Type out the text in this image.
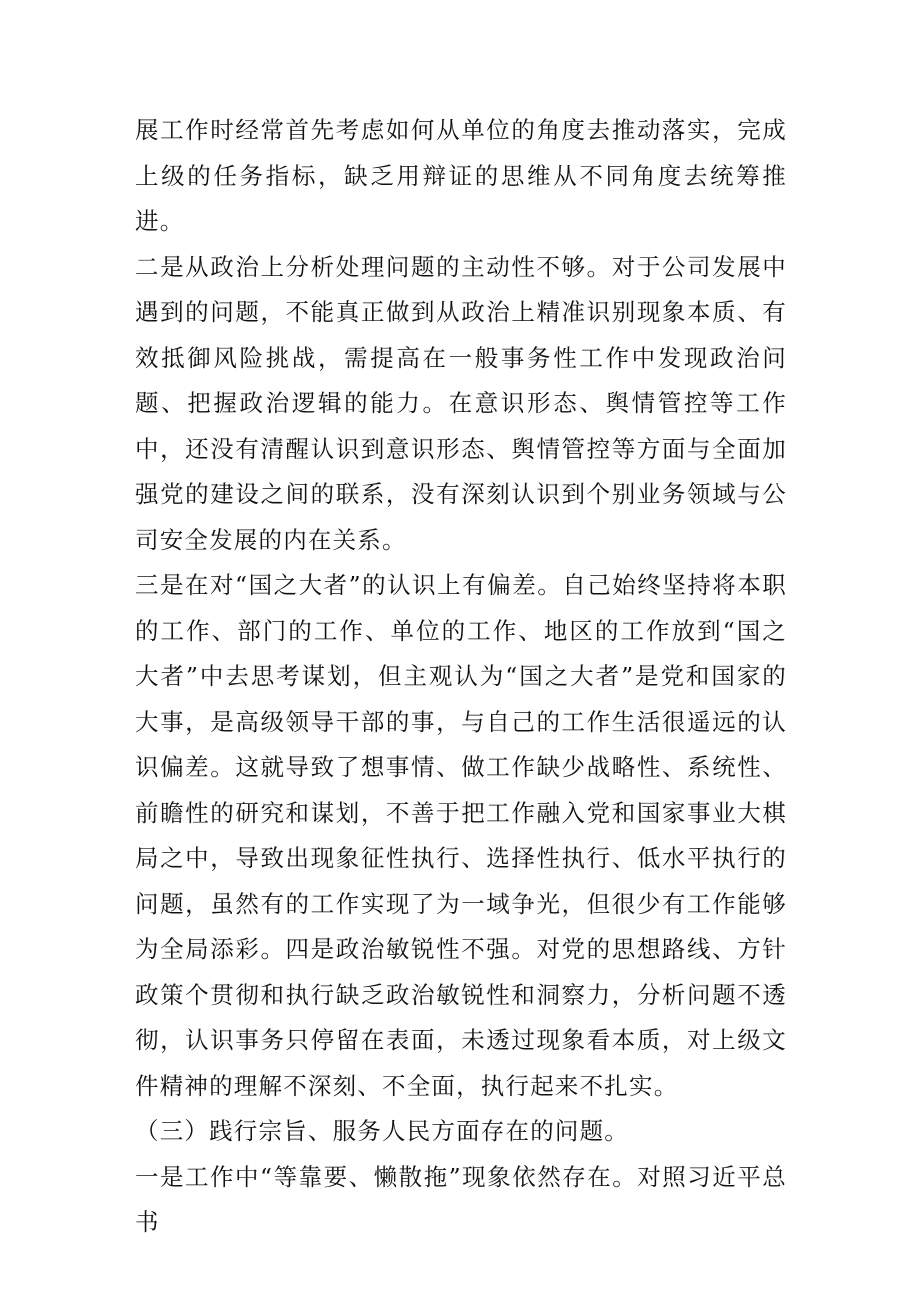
展工作时经常首先考虑如何从单位的角度去推动落实，完成上级的任务指标，缺乏用辩证的思维从不同角度去统筹推进。

二是从政治上分析处理问题的主动性不够。对于公司发展中遇到的问题，不能真正做到从政治上精准识别现象本质、有效抵御风险挑战，需提高在一般事务性工作中发现政治问题、把握政治逻辑的能力。在意识形态、舆情管控等工作中，还没有清醒认识到意识形态、舆情管控等方面与全面加强党的建设之间的联系，没有深刻认识到个别业务领域与公司安全发展的内在关系。

三是在对“国之大者”的认识上有偏差。自己始终坚持将本职的工作、部门的工作、单位的工作、地区的工作放到“国之大者”中去思考谋划，但主观认为“国之大者”是党和国家的大事，是高级领导干部的事，与自己的工作生活很遥远的认识偏差。这就导致了想事情、做工作缺少战略性、系统性、前瞻性的研究和谋划，不善于把工作融入党和国家事业大棋局之中，导致出现象征性执行、选择性执行、低水平执行的问题，虽然有的工作实现了为一域争光，但很少有工作能够为全局添彩。四是政治敏锐性不强。对党的思想路线、方针政策个贯彻和执行缺乏政治敏锐性和洞察力，分析问题不透彻，认识事务只停留在表面，未透过现象看本质，对上级文件精神的理解不深刻、不全面，执行起来不扎实。

（三）践行宗旨、服务人民方面存在的问题。

一是工作中“等靠要、懒散拖”现象依然存在。对照习近平总书
